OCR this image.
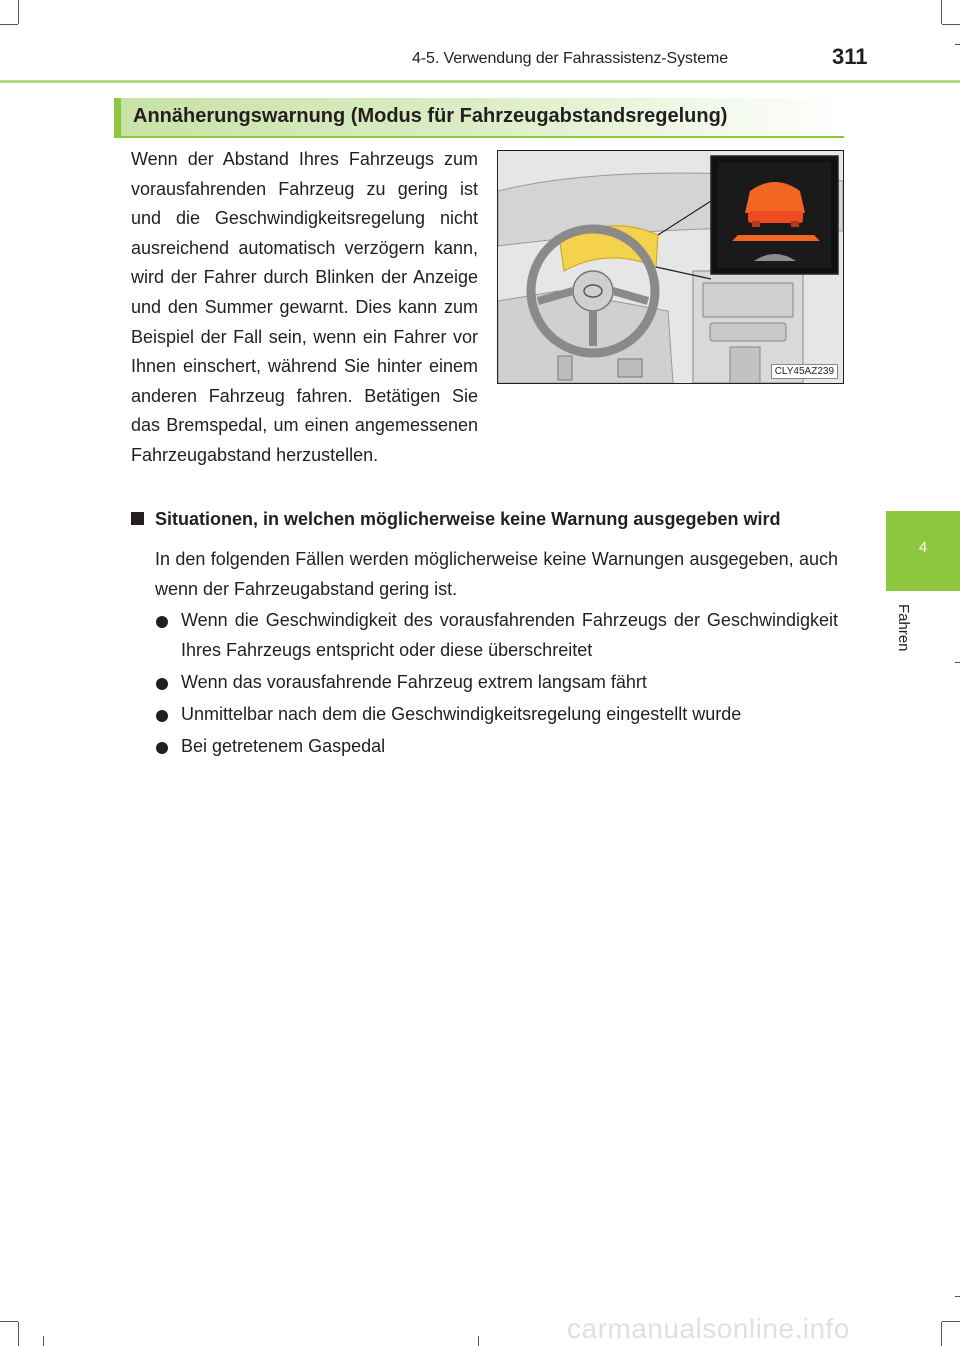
4-5. Verwendung der Fahrassistenz-Systeme	311
4
Fahren
Annäherungswarnung (Modus für Fahrzeugabstandsregelung)

Wenn der Abstand Ihres Fahrzeugs zum vorausfahrenden Fahrzeug zu gering ist und die Geschwindigkeitsregelung nicht ausreichend automatisch verzögern kann, wird der Fahrer durch Blinken der Anzeige und den Summer gewarnt. Dies kann zum Beispiel der Fall sein, wenn ein Fahrer vor Ihnen einschert, während Sie hinter einem anderen Fahrzeug fahren. Betätigen Sie das Bremspedal, um einen angemessenen Fahrzeugabstand herzustellen.

CLY45AZ239
Situationen, in welchen möglicherweise keine Warnung ausgegeben wird

In den folgenden Fällen werden möglicherweise keine Warnungen ausgegeben, auch wenn der Fahrzeugabstand gering ist.

Wenn die Geschwindigkeit des vorausfahrenden Fahrzeugs der Geschwindigkeit Ihres Fahrzeugs entspricht oder diese überschreitet
Wenn das vorausfahrende Fahrzeug extrem langsam fährt
Unmittelbar nach dem die Geschwindigkeitsregelung eingestellt wurde
Bei getretenem Gaspedal
carmanualsonline.info
